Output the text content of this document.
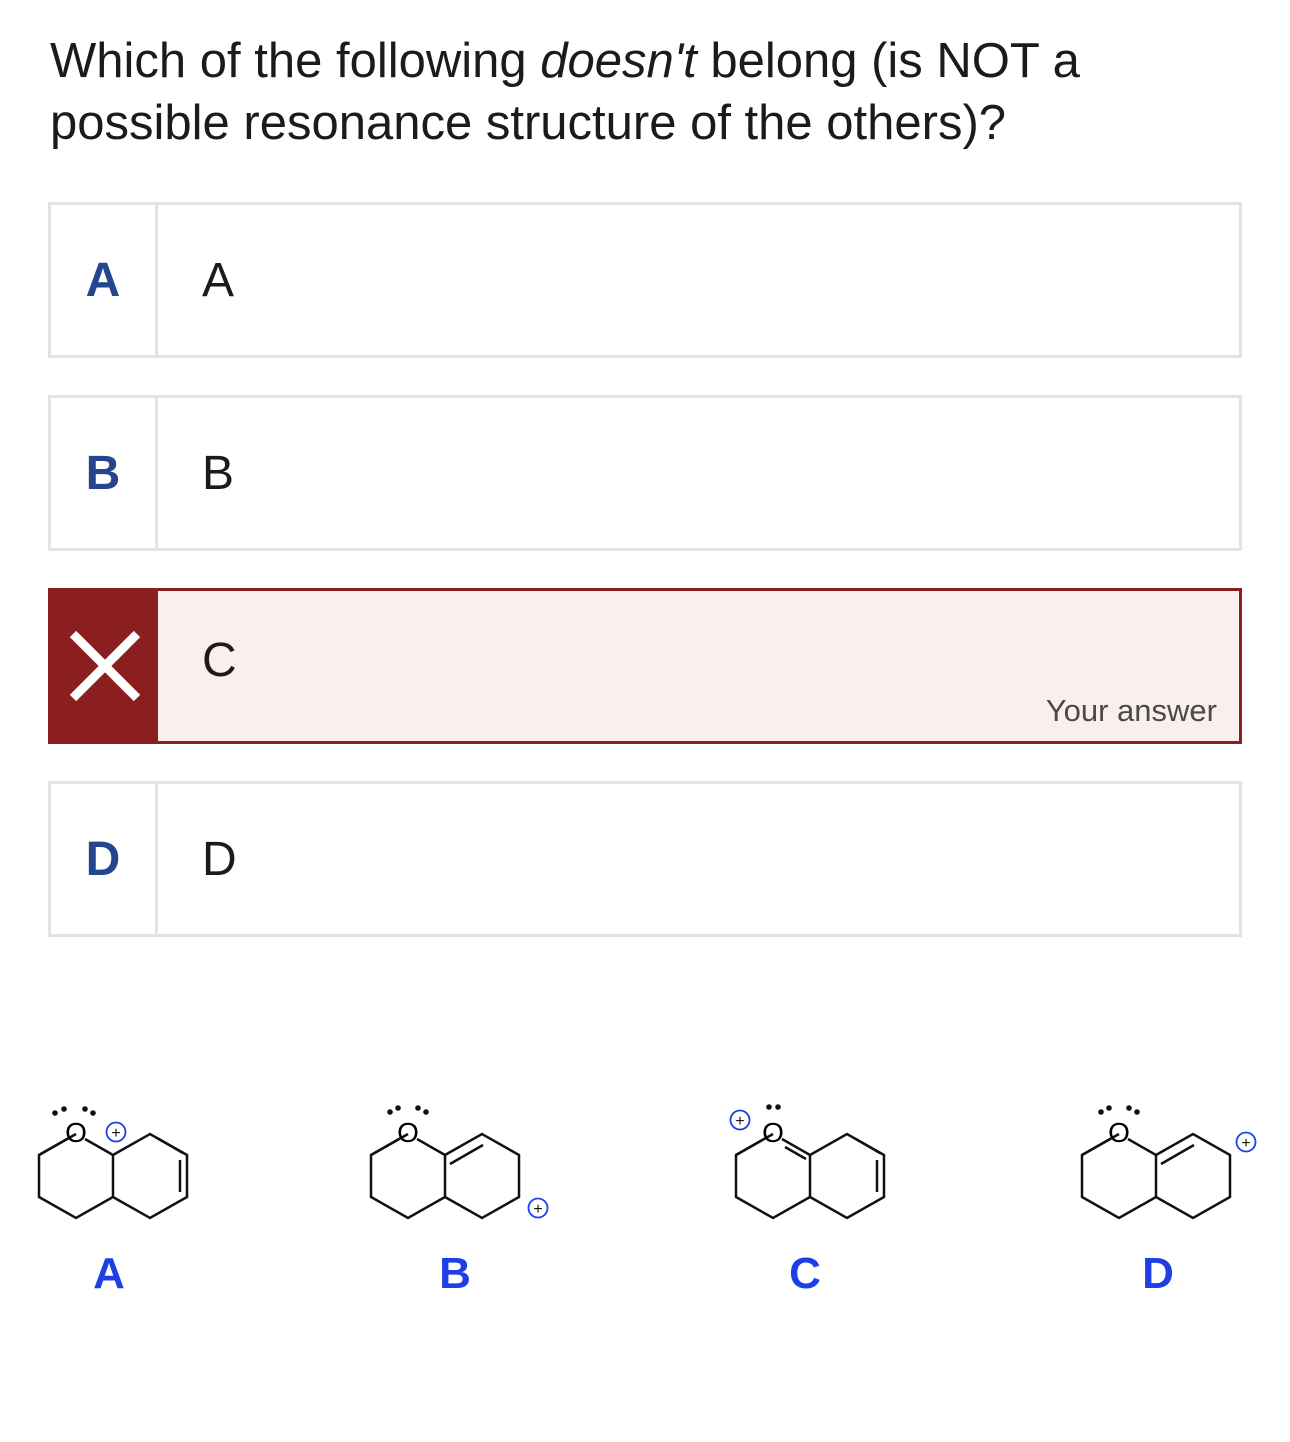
Which of the following doesn't belong (is NOT a possible resonance structure of the others)?
A	A
B	B
C
Your answer
D	D
O +
A
O
+
B
O
+
C
O	+
D
